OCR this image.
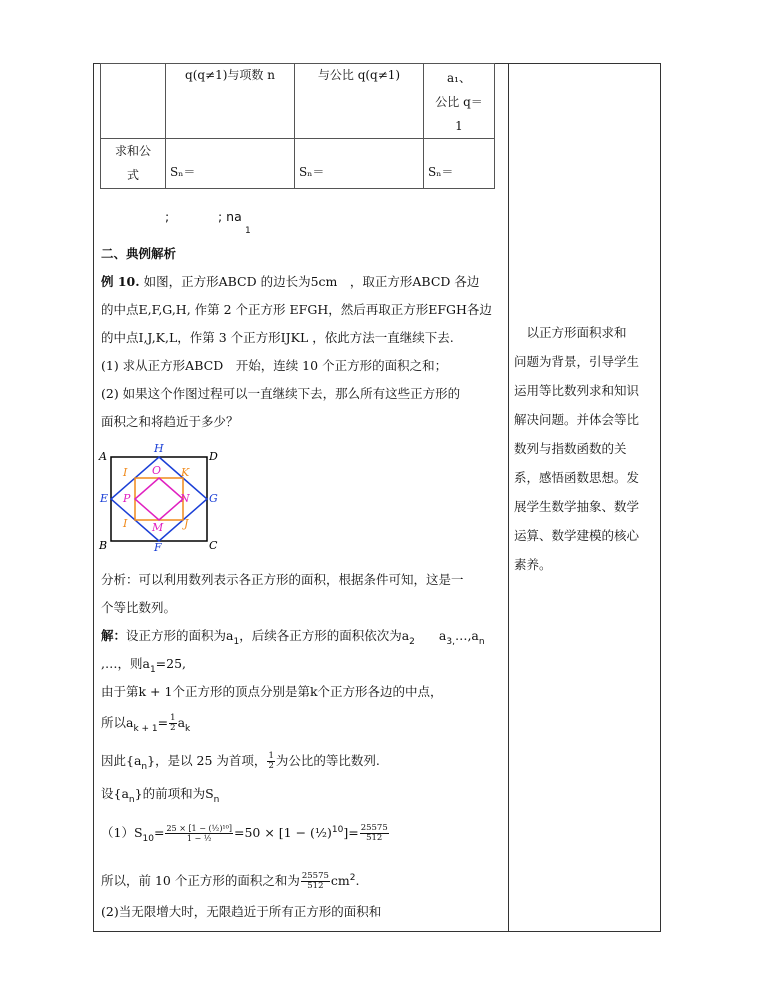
	q(q≠1)与项数 n	与公比 q(q≠1)	a₁、
公比 q＝
1

求和公
式	Sₙ＝	Sₙ＝	Sₙ＝
;	; na
1
二、典例解析
例 10. 如图，正方形ABCD 的边长为5cm　，取正方形ABCD 各边
的中点E,F,G,H, 作第 2 个正方形 EFGH，然后再取正方形EFGH各边
的中点I,J,K,L，作第 3 个正方形IJKL ，依此方法一直继续下去.
(1) 求从正方形ABCD　开始，连续 10 个正方形的面积之和；
(2) 如果这个作图过程可以一直继续下去，那么所有这些正方形的
面积之和将趋近于多少？
A	D
B	C
H
F
E	G
I	K
I	J
O
M
P	N
分析：可以利用数列表示各正方形的面积，根据条件可知，这是一
个等比数列。
解：设正方形的面积为$a_1$，后续各正方形的面积依次为$a_2$ $a_{3,}\dots,a_n$
,…，则$a_1=25$,
由于第k + 1个正方形的顶点分别是第k个正方形各边的中点，
所以$a_{k + 1}= \frac{1}{2} a_k$
因此$\{a_n\}$，是以 25 为首项， $\frac{1}{2}$ 为公比的等比数列.
设$\{a_n\}$的前项和为$S_n$
$(1)S_{10}= \frac{\text{25 × [1 − (½)¹⁰]}}{\text{1 − ½}} =50 \times [1$ − (½)$^{10}$]= $\frac{25575}{512}$
所以，前 10 个正方形的面积之和为 $\frac{25575}{512} cm^2$.
(2)当无限增大时，无限趋近于所有正方形的面积和

　以正方形面积求和

问题为背景，引导学生

运用等比数列求和知识

解决问题。并体会等比

数列与指数函数的关

系，感悟函数思想。发

展学生数学抽象、数学

运算、数学建模的核心

素养。
